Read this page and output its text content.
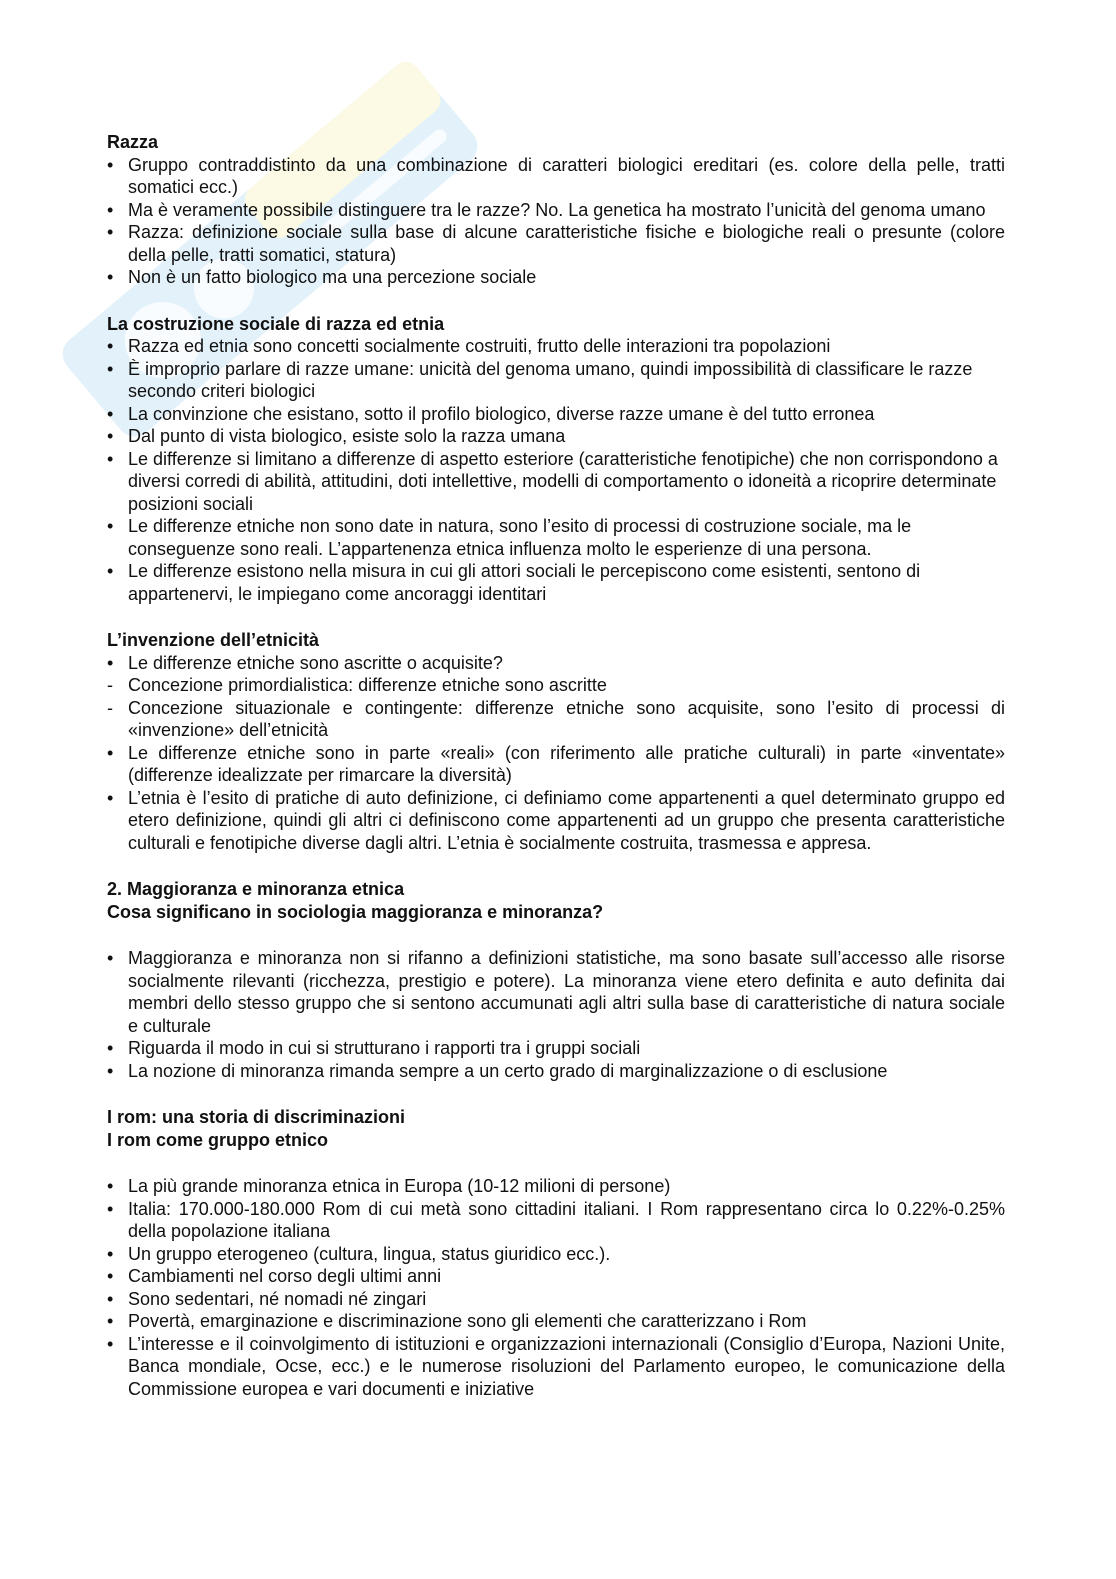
Razza

• Gruppo contraddistinto da una combinazione di caratteri biologici ereditari (es. colore della pelle, tratti somatici ecc.)
• Ma è veramente possibile distinguere tra le razze? No. La genetica ha mostrato l’unicità del genoma umano
• Razza: definizione sociale sulla base di alcune caratteristiche fisiche e biologiche reali o presunte (colore della pelle, tratti somatici, statura)
• Non è un fatto biologico ma una percezione sociale

La costruzione sociale di razza ed etnia

• Razza ed etnia sono concetti socialmente costruiti, frutto delle interazioni tra popolazioni
• È improprio parlare di razze umane: unicità del genoma umano, quindi impossibilità di classificare le razze secondo criteri biologici
• La convinzione che esistano, sotto il profilo biologico, diverse razze umane è del tutto erronea
• Dal punto di vista biologico, esiste solo la razza umana
• Le differenze si limitano a differenze di aspetto esteriore (caratteristiche fenotipiche) che non corrispondono a diversi corredi di abilità, attitudini, doti intellettive, modelli di comportamento o idoneità a ricoprire determinate posizioni sociali
• Le differenze etniche non sono date in natura, sono l’esito di processi di costruzione sociale, ma le conseguenze sono reali. L’appartenenza etnica influenza molto le esperienze di una persona.
• Le differenze esistono nella misura in cui gli attori sociali le percepiscono come esistenti, sentono di appartenervi, le impiegano come ancoraggi identitari

L’invenzione dell’etnicità

• Le differenze etniche sono ascritte o acquisite?
- Concezione primordialistica: differenze etniche sono ascritte
- Concezione situazionale e contingente: differenze etniche sono acquisite, sono l’esito di processi di «invenzione» dell’etnicità
• Le differenze etniche sono in parte «reali» (con riferimento alle pratiche culturali) in parte «inventate» (differenze idealizzate per rimarcare la diversità)
• L’etnia è l’esito di pratiche di auto definizione, ci definiamo come appartenenti a quel determinato gruppo ed etero definizione, quindi gli altri ci definiscono come appartenenti ad un gruppo che presenta caratteristiche culturali e fenotipiche diverse dagli altri. L’etnia è socialmente costruita, trasmessa e appresa.

2. Maggioranza e minoranza etnica

Cosa significano in sociologia maggioranza e minoranza?

• Maggioranza e minoranza non si rifanno a definizioni statistiche, ma sono basate sull’accesso alle risorse socialmente rilevanti (ricchezza, prestigio e potere). La minoranza viene etero definita e auto definita dai membri dello stesso gruppo che si sentono accumunati agli altri sulla base di caratteristiche di natura sociale e culturale
• Riguarda il modo in cui si strutturano i rapporti tra i gruppi sociali
• La nozione di minoranza rimanda sempre a un certo grado di marginalizzazione o di esclusione

I rom: una storia di discriminazioni

I rom come gruppo etnico

• La più grande minoranza etnica in Europa (10-12 milioni di persone)
• Italia: 170.000-180.000 Rom di cui metà sono cittadini italiani. I Rom rappresentano circa lo 0.22%-0.25% della popolazione italiana
• Un gruppo eterogeneo (cultura, lingua, status giuridico ecc.).
• Cambiamenti nel corso degli ultimi anni
• Sono sedentari, né nomadi né zingari
• Povertà, emarginazione e discriminazione sono gli elementi che caratterizzano i Rom
• L’interesse e il coinvolgimento di istituzioni e organizzazioni internazionali (Consiglio d’Europa, Nazioni Unite, Banca mondiale, Ocse, ecc.) e le numerose risoluzioni del Parlamento europeo, le comunicazione della Commissione europea e vari documenti e iniziative
